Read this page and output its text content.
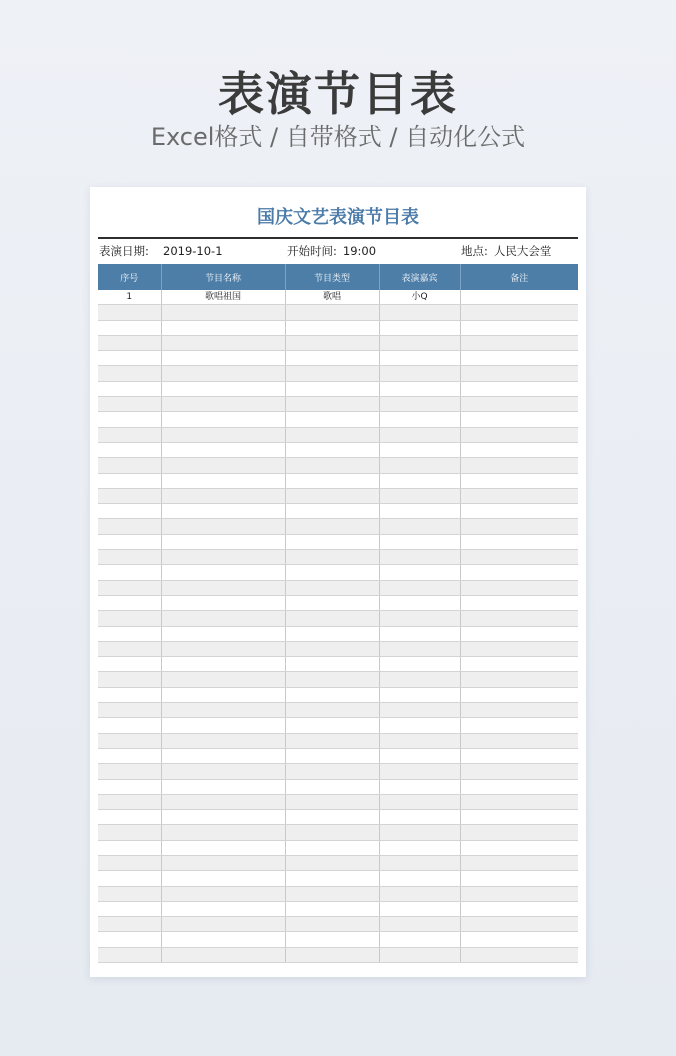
表演节目表
Excel格式 / 自带格式 / 自动化公式
国庆文艺表演节目表
表演日期: 2019-10-1	开始时间: 19:00	地点: 人民大会堂
序号	节目名称	节目类型	表演嘉宾	备注
1	歌唱祖国	歌唱	小Q	
